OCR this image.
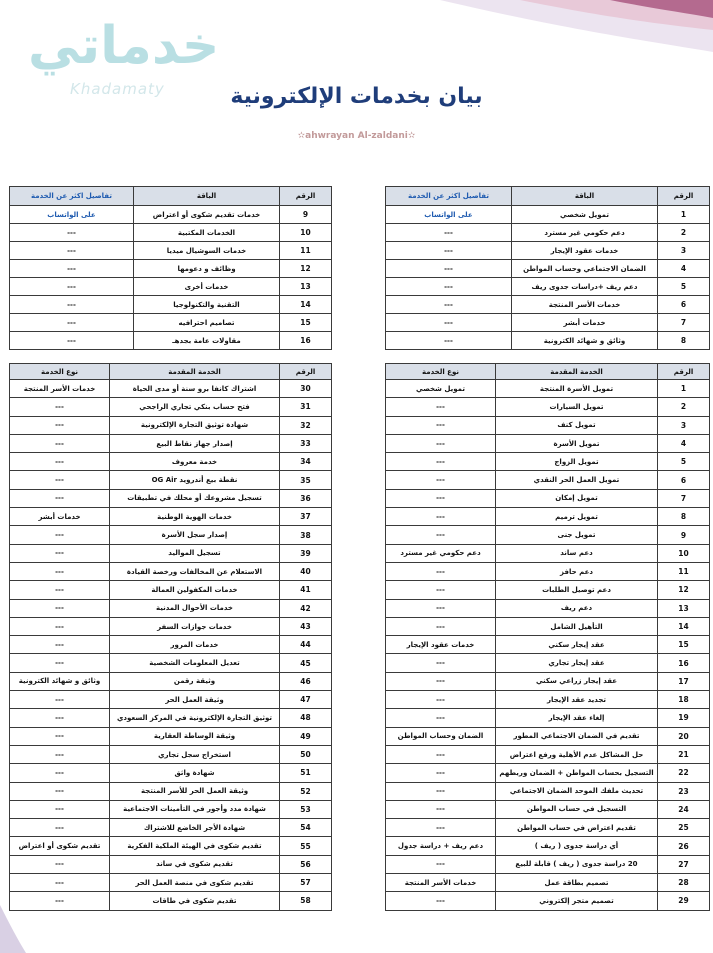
خدماتي
Khadamaty	بيان بخدمات الإلكترونية
✫ahwrayan Al-zaldani✫
الرقم	الباقة	تفاصيل اكثر عن الخدمة
1	تمويل شخصي	على الواتساب
2	دعم حكومي غير مسترد	---
3	خدمات عقود الإيجار	---
4	الضمان الاجتماعي وحساب المواطن	---
5	دعم ريف +دراسات جدوى ريف	---
6	خدمات الأسر المنتجة	---
7	خدمات أبشر	---
8	وثائق و شهائد الكترونية	---
الرقم	الباقة	تفاصيل اكثر عن الخدمة
9	خدمات تقديم شكوى أو اعتراض	على الواتساب
10	الخدمات المكتبية	---
11	خدمات السوشيال ميديا	---
12	وظائف و دعومها	---
13	خدمات أخرى	---
14	التقنية والتكنولوجيا	---
15	تصاميم احترافيه	---
16	مقاولات عامة بجدهـ	---
الرقم	الخدمة المقدمة	نوع الخدمة
1	تمويل الأسرة المنتجة	تمويل شخصي
2	تمويل السيارات	---
3	تمويل كنف	---
4	تمويل الأسرة	---
5	تمويل الزواج	---
6	تمويل العمل الحر النقدي	---
7	تمويل إمكان	---
8	تمويل ترميم	---
9	تمويل جنى	---
10	دعم ساند	دعم حكومي غير مسترد
11	دعم حافز	---
12	دعم توصيل الطلبات	---
13	دعم ريف	---
14	التأهيل الشامل	---
15	عقد إيجار سكني	خدمات عقود الإيجار
16	عقد إيجار تجاري	---
17	عقد إيجار زراعي سكني	---
18	تجديد عقد الإيجار	---
19	إلغاء عقد الإيجار	---
20	تقديم في الضمان الاجتماعي المطور	الضمان وحساب المواطن
21	حل المشاكل عدم الأهلية ورفع اعتراض	---
22	التسجيل بحساب المواطن + الضمان وربطهم	---
23	تحديث ملفك الموحد الضمان الاجتماعي	---
24	التسجيل في حساب المواطن	---
25	تقديم اعتراض في حساب المواطن	---
26	أي دراسة جدوى ( ريف )	دعم ريف + دراسة جدول
27	20 دراسة جدوى ( ريف ) قابلة للبيع	---
28	تصميم بطاقة عمل	خدمات الأسر المنتجة
29	تصميم متجر إلكتروني	---
الرقم	الخدمة المقدمة	نوع الخدمة
30	اشتراك كانفا برو سنة أو مدى الحياة	خدمات الأسر المنتجة
31	فتح حساب بنكي تجاري الراجحي	---
32	شهادة توثيق التجارة الإلكترونية	---
33	إصدار جهاز نقاط البيع	---
34	خدمة معروف	---
35	نقطة بيع أندرويد OG Air	---
36	تسجيل مشروعك أو محلك في تطبيقات	---
37	خدمات الهوية الوطنية	خدمات أبشر
38	إصدار سجل الأسرة	---
39	تسجيل المواليد	---
40	الاستعلام عن المخالفات ورخصة القيادة	---
41	خدمات المكفولين العمالة	---
42	خدمات الأحوال المدنية	---
43	خدمات جوازات السفر	---
44	خدمات المرور	---
45	تعديل المعلومات الشخصية	---
46	وثيقة رقمن	وثائق و شهائد الكترونية
47	وثيقة العمل الحر	---
48	توثيق التجارة الإلكترونية في المركز السعودي	---
49	وثيقة الوساطة العقارية	---
50	استخراج سجل تجاري	---
51	شهادة واثق	---
52	وثيقة العمل الحر للأسر المنتجة	---
53	شهادة مدد وأجور في التأمينات الاجتماعية	---
54	شهادة الأجر الخاضع للاشتراك	---
55	تقديم شكوى في الهيئة الملكية الفكرية	تقديم شكوى أو اعتراض
56	تقديم شكوى في ساند	---
57	تقديم شكوى في منصة العمل الحر	---
58	تقديم شكوى في طاقات	---
